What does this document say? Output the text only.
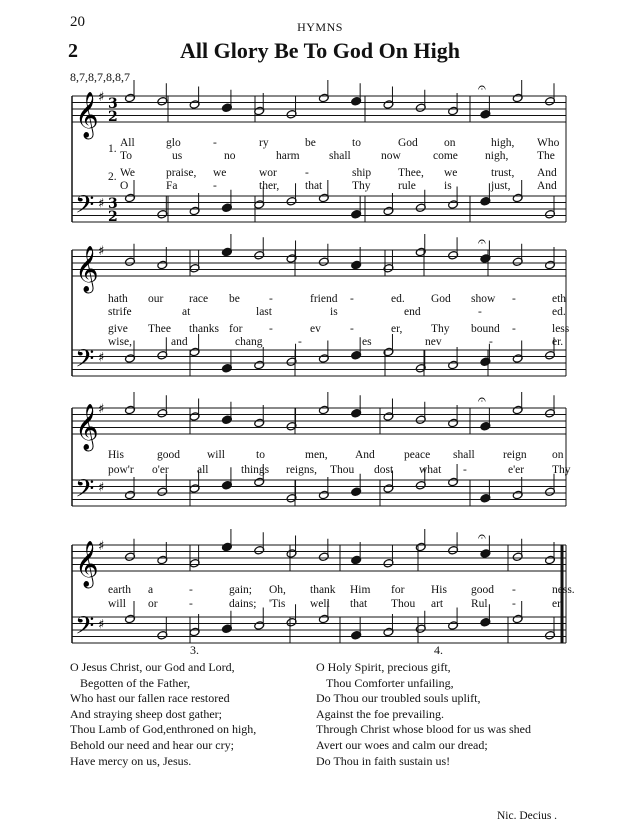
20	HYMNS
2	All Glory Be To God On High
8,7,8,7,8,8,7
𝄞
𝄢
♯
♯
3
3
2
2
𝄐
𝄞
𝄢
♯
♯
𝄐
𝄞
𝄢
♯
♯
𝄐
𝄞
𝄢
♯
♯
𝄐
1.
2.
All	glo	-	ry	be	to	God on	high, Who
To	us	no	harm	shall	now	come nigh, The
We	praise, we	wor -	ship Thee, we	trust, And
O	Fa	-	ther, that	Thy rule is	just, And
hath our race be	-	friend -	ed. God show -	eth
strife	at	last	is	end	-	ed.
give Thee thanks for -	ev	-	er, Thy bound -	less
wise,	and	chang	-	es	nev	-	er.
His	good will	to	men, And	peace shall reign on
pow'r o'er all	things reigns, Thou dost what -	e'er Thy
earth a	-	gain; Oh, thank Him for His good -	ness.
will or	-	dains; 'Tis well that Thou art Rul -	er.
3.
O Jesus Christ, our God and Lord,
Begotten of the Father,
Who hast our fallen race restored
And straying sheep dost gather;
Thou Lamb of God,enthroned on high,
Behold our need and hear our cry;
Have mercy on us, Jesus.
4.
O Holy Spirit, precious gift,
Thou Comforter unfailing,
Do Thou our troubled souls uplift,
Against the foe prevailing.
Through Christ whose blood for us was shed
Avert our woes and calm our dread;
Do Thou in faith sustain us!
Nic. Decius .
